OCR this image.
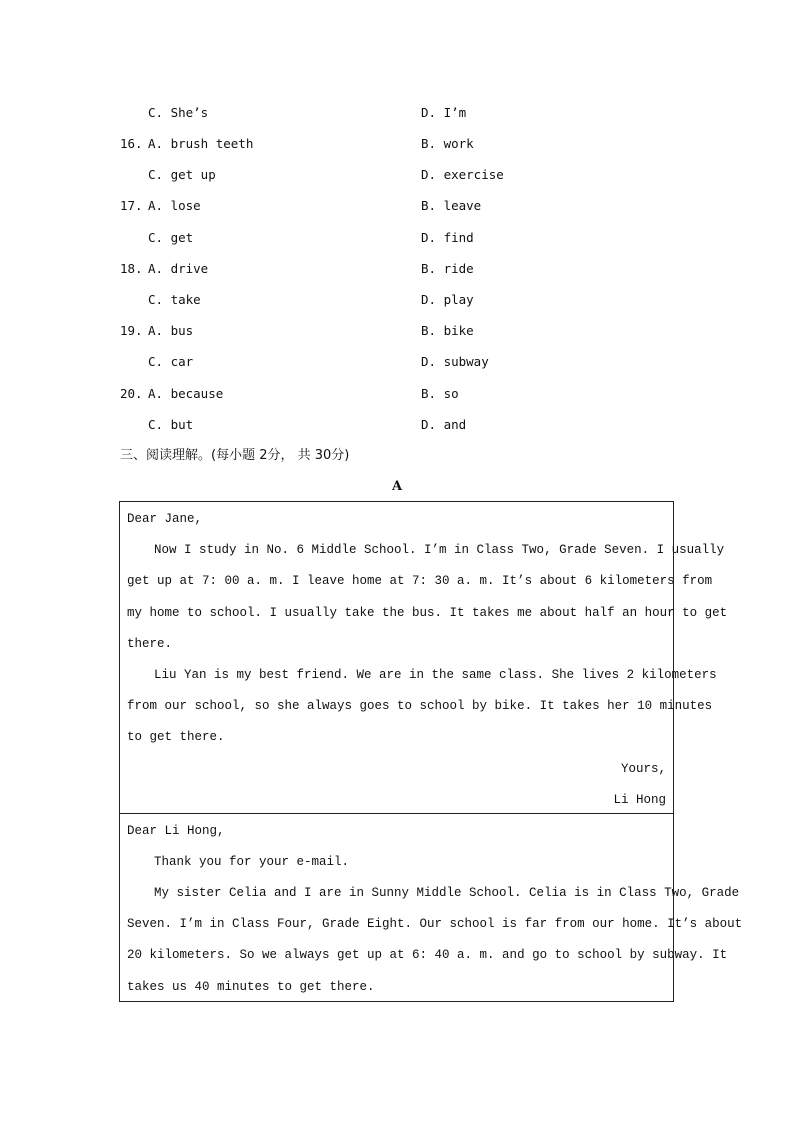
C. She’s	D. I’m
16. A. brush teeth	B. work
C. get up	D. exercise
17. A. lose	B. leave
C. get	D. find
18. A. drive	B. ride
C. take	D. play
19. A. bus	B. bike
C. car	D. subway
20. A. because	B. so
C. but	D. and
三、阅读理解。(每小题 2分， 共 30分)
A
Dear Jane,
Now I study in No. 6 Middle School. I’m in Class Two, Grade Seven. I usually
get up at 7: 00 a. m. I leave home at 7: 30 a. m. It’s about 6 kilometers from
my home to school. I usually take the bus. It takes me about half an hour to get
there.
Liu Yan is my best friend. We are in the same class. She lives 2 kilometers
from our school, so she always goes to school by bike. It takes her 10 minutes
to get there.
Yours,
Li Hong
Dear Li Hong,
Thank you for your e-mail.
My sister Celia and I are in Sunny Middle School. Celia is in Class Two, Grade
Seven. I’m in Class Four, Grade Eight. Our school is far from our home. It’s about
20 kilometers. So we always get up at 6: 40 a. m. and go to school by subway. It
takes us 40 minutes to get there.
